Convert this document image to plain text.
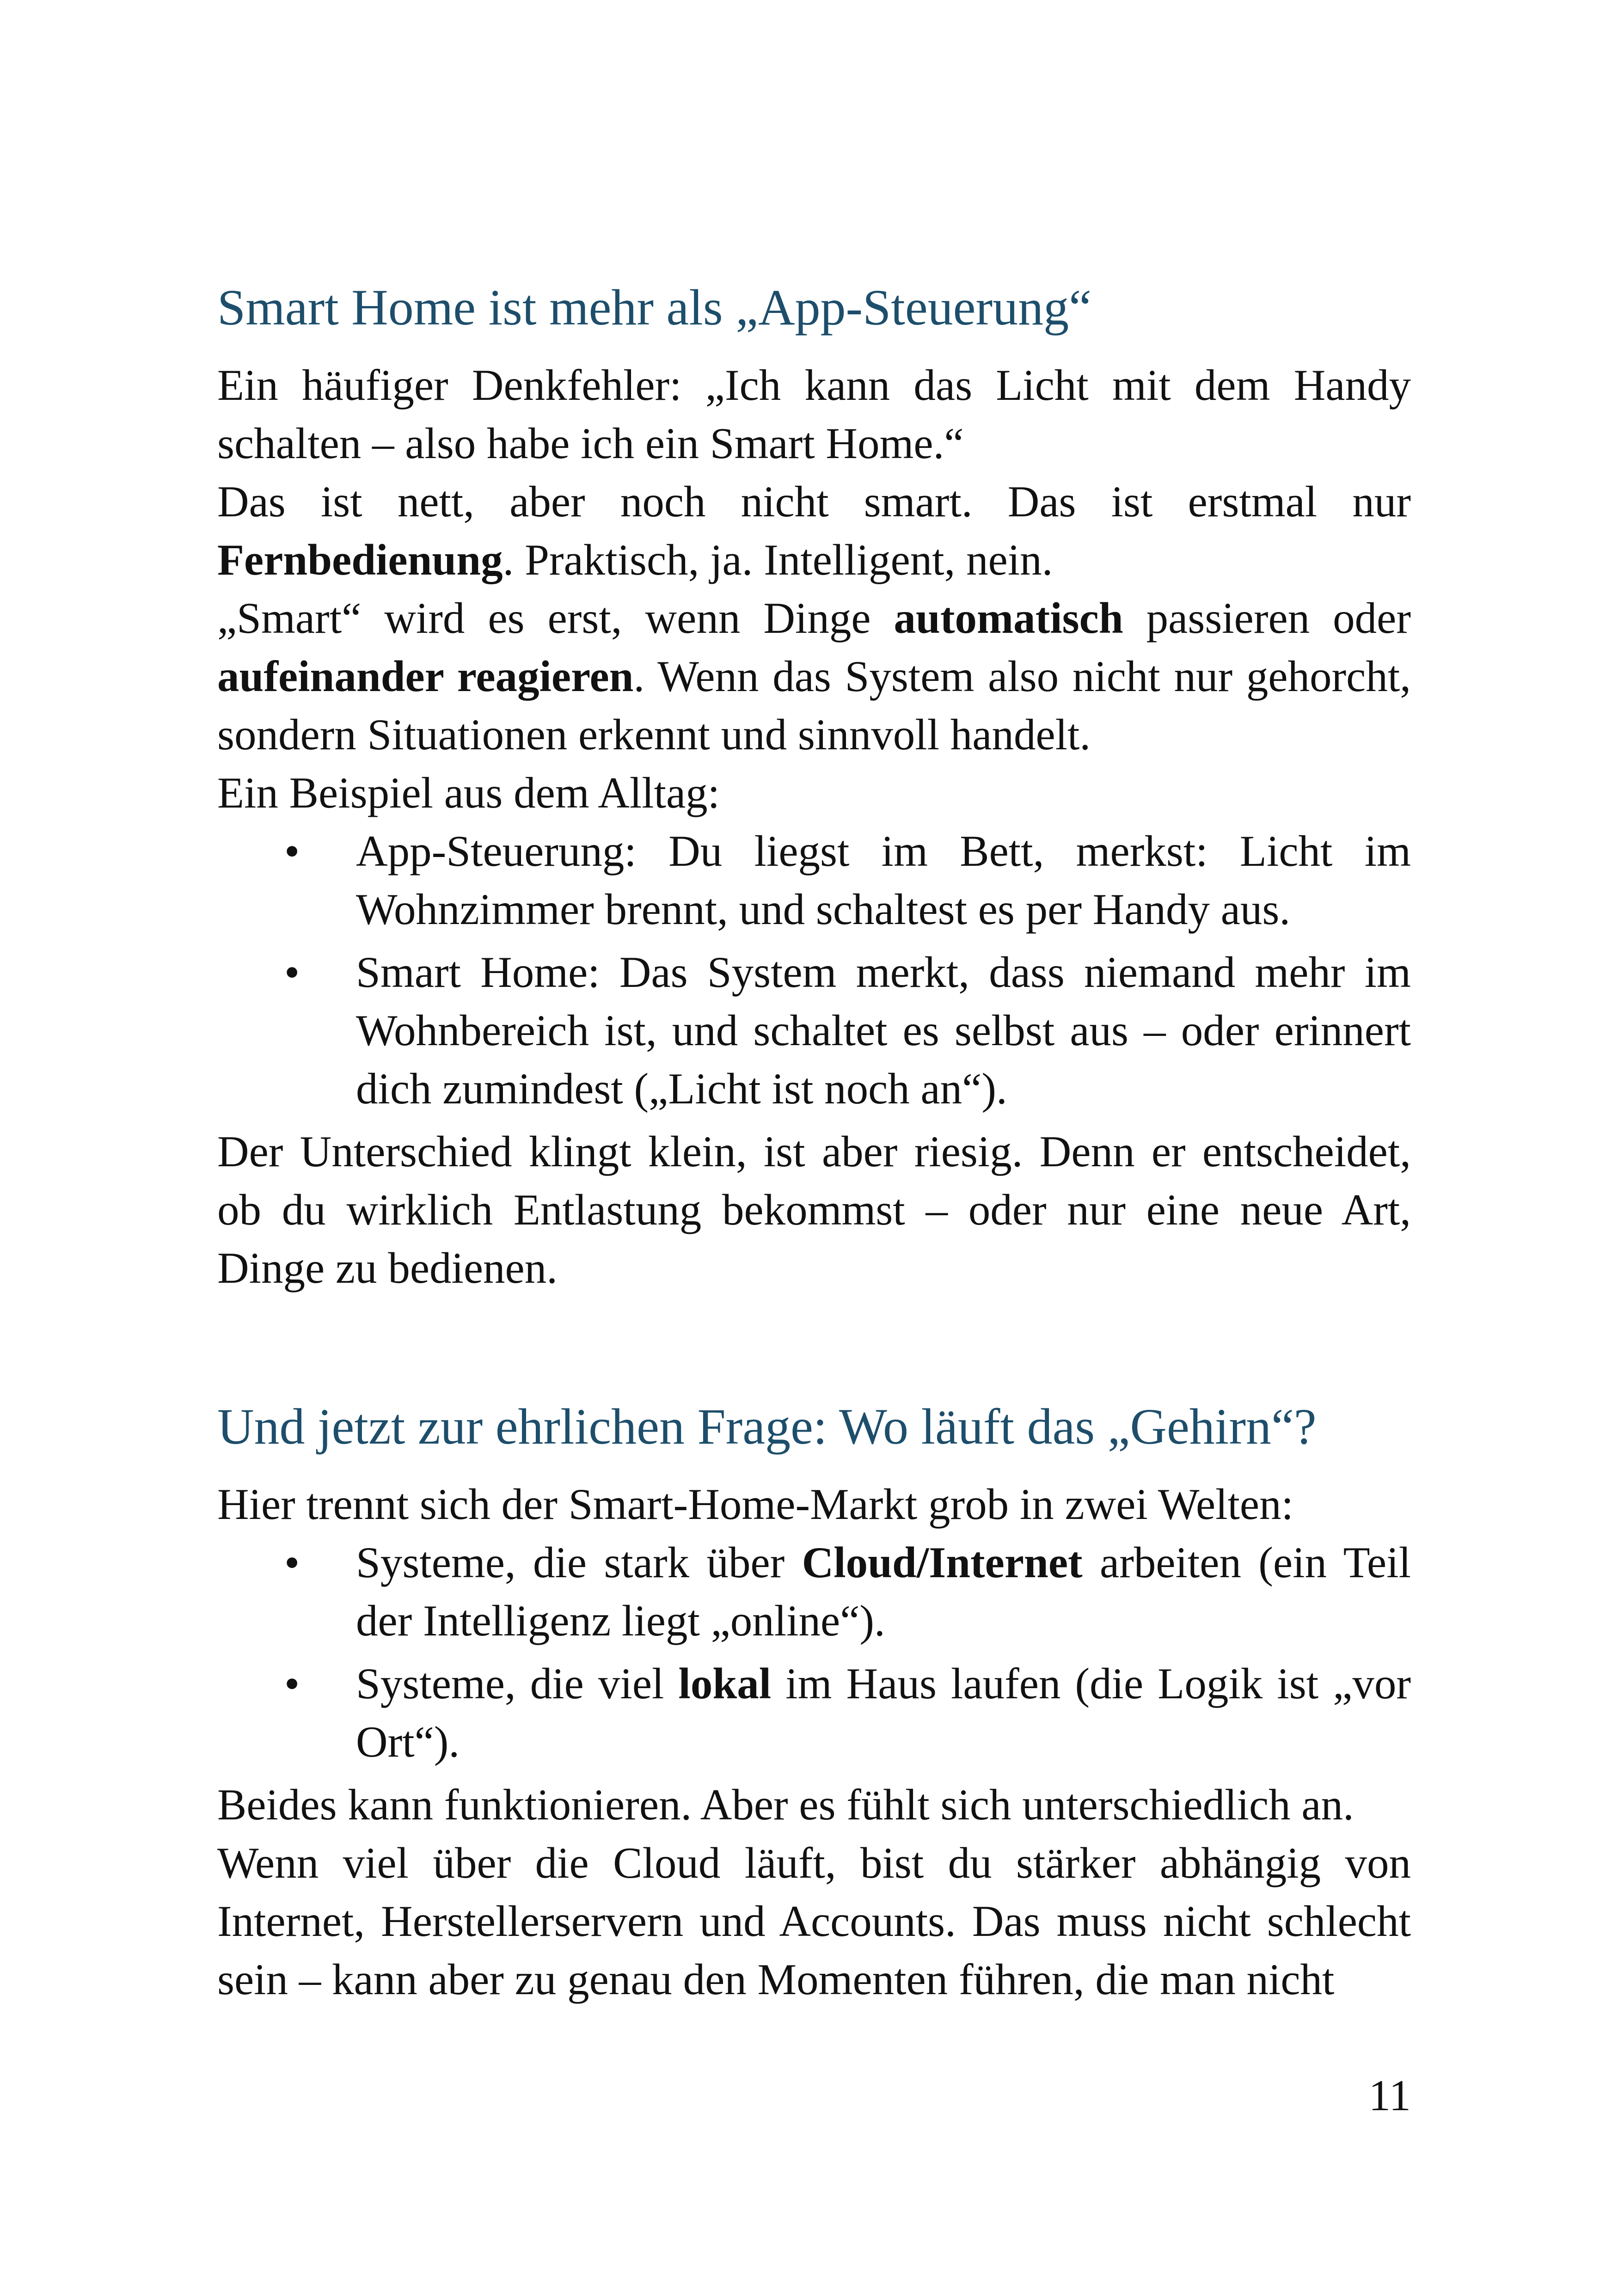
Smart Home ist mehr als „App-Steuerung“

Ein häufiger Denkfehler: „Ich kann das Licht mit dem Handy schalten – also habe ich ein Smart Home.“

Das ist nett, aber noch nicht smart. Das ist erstmal nur Fernbedienung. Praktisch, ja. Intelligent, nein.

„Smart“ wird es erst, wenn Dinge automatisch passieren oder aufeinander reagieren. Wenn das System also nicht nur gehorcht, sondern Situationen erkennt und sinnvoll handelt.

Ein Beispiel aus dem Alltag:

• App-Steuerung: Du liegst im Bett, merkst: Licht im Wohnzimmer brennt, und schaltest es per Handy aus.
• Smart Home: Das System merkt, dass niemand mehr im Wohnbereich ist, und schaltet es selbst aus – oder erinnert dich zumindest („Licht ist noch an“).

Der Unterschied klingt klein, ist aber riesig. Denn er entscheidet, ob du wirklich Entlastung bekommst – oder nur eine neue Art, Dinge zu bedienen.

Und jetzt zur ehrlichen Frage: Wo läuft das „Gehirn“?

Hier trennt sich der Smart-Home-Markt grob in zwei Welten:

• Systeme, die stark über Cloud/Internet arbeiten (ein Teil der Intelligenz liegt „online“).
• Systeme, die viel lokal im Haus laufen (die Logik ist „vor Ort“).

Beides kann funktionieren. Aber es fühlt sich unterschiedlich an.

Wenn viel über die Cloud läuft, bist du stärker abhängig von Internet, Herstellerservern und Accounts. Das muss nicht schlecht sein – kann aber zu genau den Momenten führen, die man nicht

11
